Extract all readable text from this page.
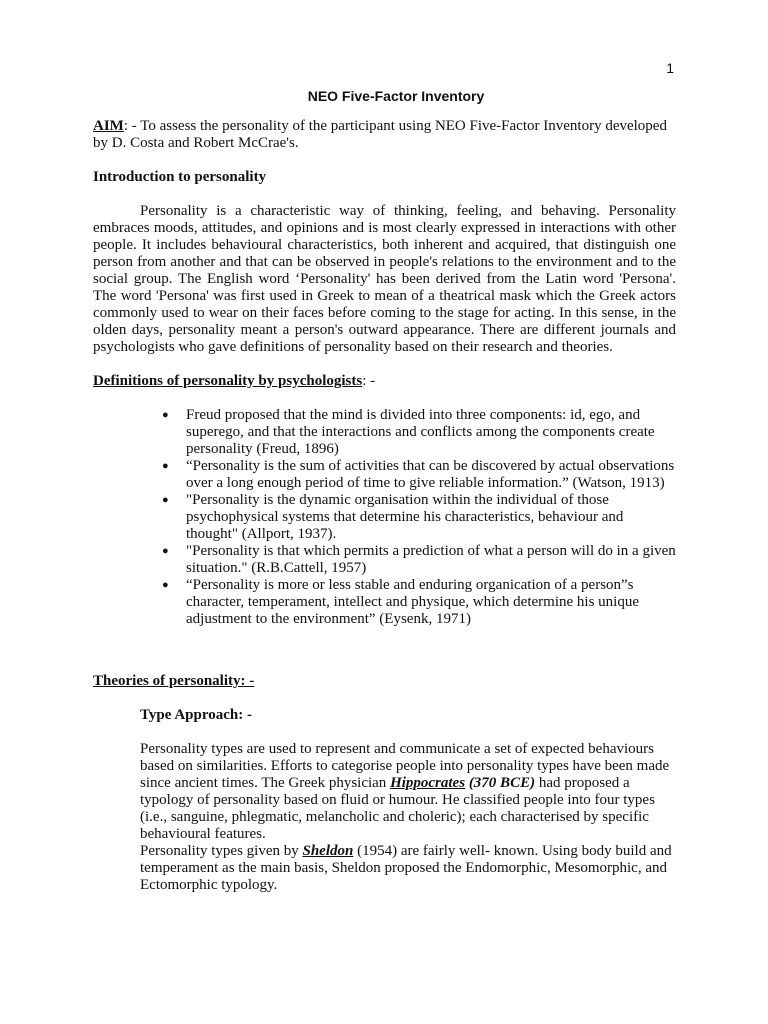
1
NEO Five-Factor Inventory

AIM: - To assess the personality of the participant using NEO Five-Factor Inventory developed by D. Costa and Robert McCrae's.

Introduction to personality

Personality is a characteristic way of thinking, feeling, and behaving. Personality embraces moods, attitudes, and opinions and is most clearly expressed in interactions with other people. It includes behavioural characteristics, both inherent and acquired, that distinguish one person from another and that can be observed in people's relations to the environment and to the social group. The English word ‘Personality' has been derived from the Latin word 'Persona'. The word 'Persona' was first used in Greek to mean of a theatrical mask which the Greek actors commonly used to wear on their faces before coming to the stage for acting. In this sense, in the olden days, personality meant a person's outward appearance. There are different journals and psychologists who gave definitions of personality based on their research and theories.

Definitions of personality by psychologists: -

● Freud proposed that the mind is divided into three components: id, ego, and superego, and that the interactions and conflicts among the components create personality (Freud, 1896)
● “Personality is the sum of activities that can be discovered by actual observations over a long enough period of time to give reliable information.” (Watson, 1913)
● "Personality is the dynamic organisation within the individual of those psychophysical systems that determine his characteristics, behaviour and thought" (Allport, 1937).
● "Personality is that which permits a prediction of what a person will do in a given situation." (R.B.Cattell, 1957)
● “Personality is more or less stable and enduring organication of a person”s character, temperament, intellect and physique, which determine his unique adjustment to the environment” (Eysenk, 1971)

Theories of personality: -

Type Approach: -

Personality types are used to represent and communicate a set of expected behaviours based on similarities. Efforts to categorise people into personality types have been made since ancient times. The Greek physician Hippocrates (370 BCE) had proposed a typology of personality based on fluid or humour. He classified people into four types (i.e., sanguine, phlegmatic, melancholic and choleric); each characterised by specific behavioural features.

Personality types given by Sheldon (1954) are fairly well- known. Using body build and temperament as the main basis, Sheldon proposed the Endomorphic, Mesomorphic, and Ectomorphic typology.
